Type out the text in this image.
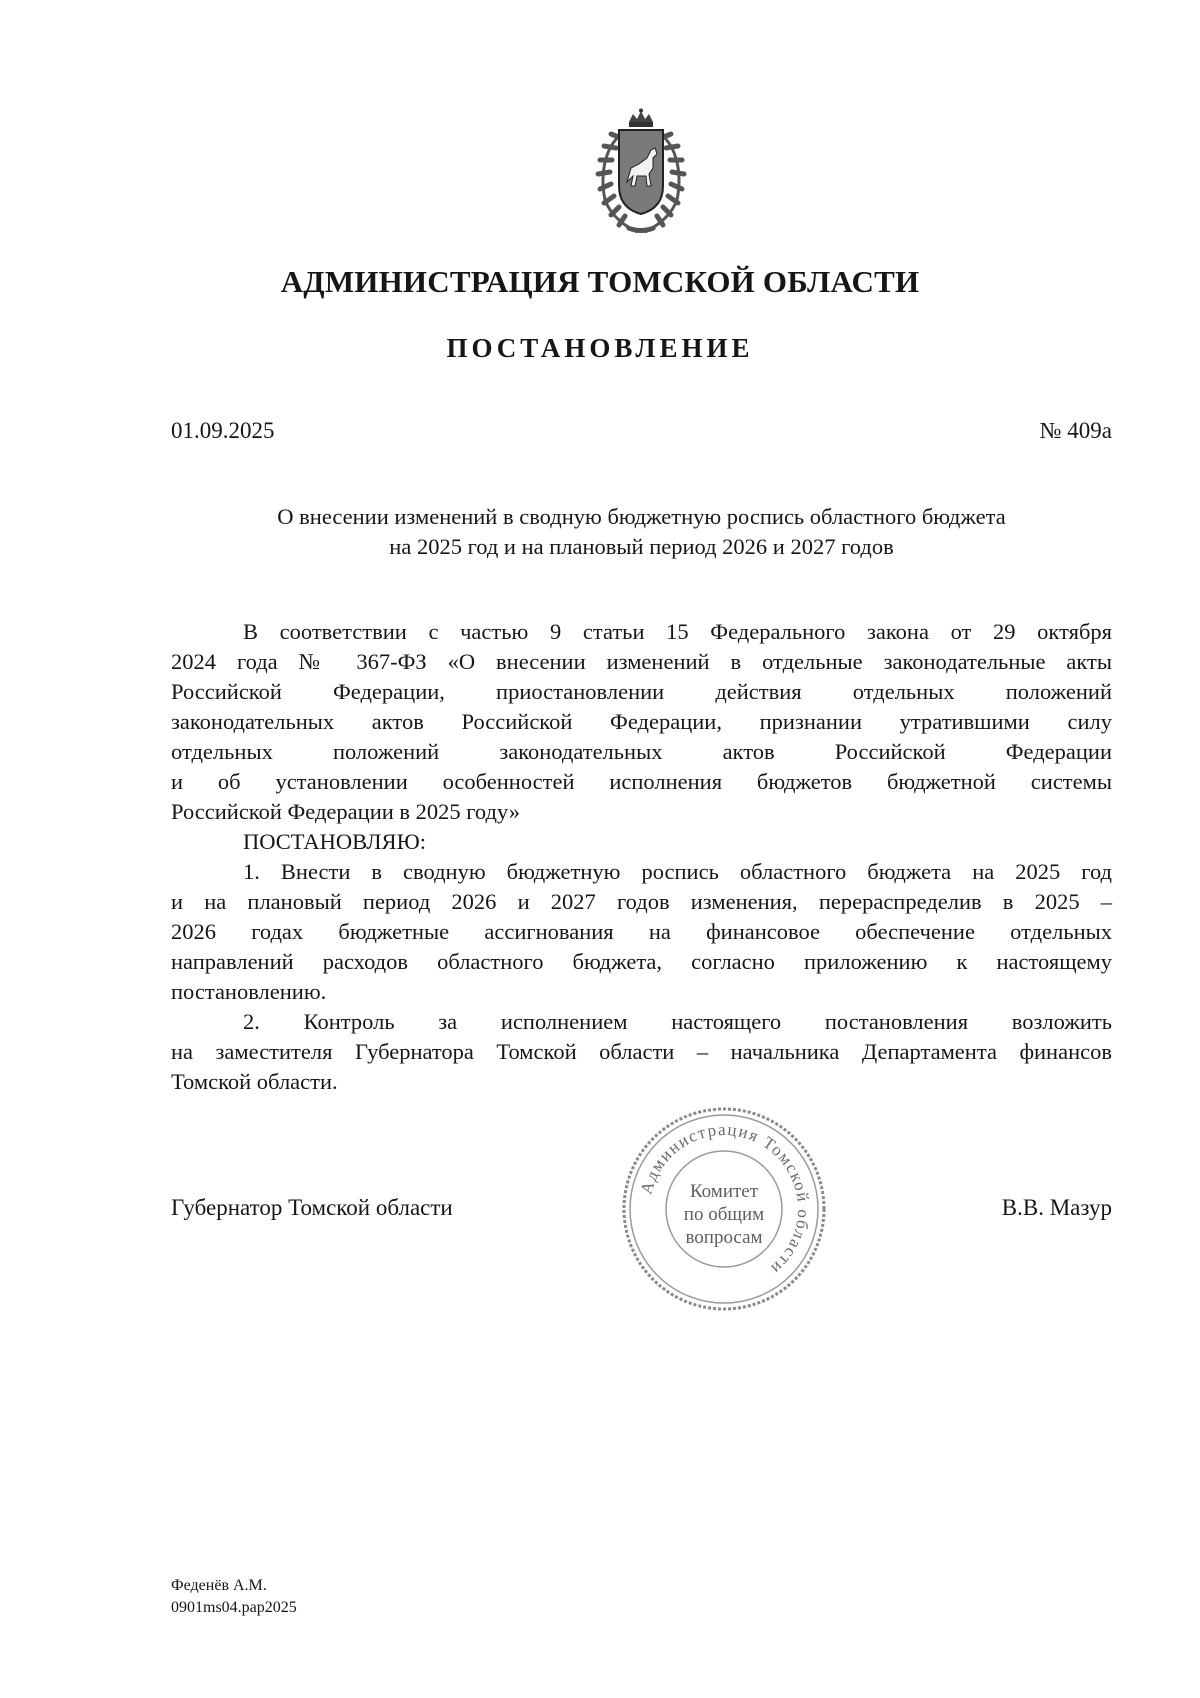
АДМИНИСТРАЦИЯ ТОМСКОЙ ОБЛАСТИ
ПОСТАНОВЛЕНИЕ
01.09.2025	№ 409а
О внесении изменений в сводную бюджетную роспись областного бюджета
на 2025 год и на плановый период 2026 и 2027 годов
В соответствии с частью 9 статьи 15 Федерального закона от 29 октября
2024 года № 367-ФЗ «О внесении изменений в отдельные законодательные акты
Российской Федерации, приостановлении действия отдельных положений
законодательных актов Российской Федерации, признании утратившими силу
отдельных положений законодательных актов Российской Федерации
и об установлении особенностей исполнения бюджетов бюджетной системы
Российской Федерации в 2025 году»
ПОСТАНОВЛЯЮ:
1. Внести в сводную бюджетную роспись областного бюджета на 2025 год
и на плановый период 2026 и 2027 годов изменения, перераспределив в 2025 –
2026 годах бюджетные ассигнования на финансовое обеспечение отдельных
направлений расходов областного бюджета, согласно приложению к настоящему
постановлению.
2. Контроль за исполнением настоящего постановления возложить
на заместителя Губернатора Томской области – начальника Департамента финансов
Томской области.
Губернатор Томской области	В.В. Мазур
Администрация Томской области
Комитет
по общим
вопросам
Феденёв А.М.
0901ms04.pap2025
